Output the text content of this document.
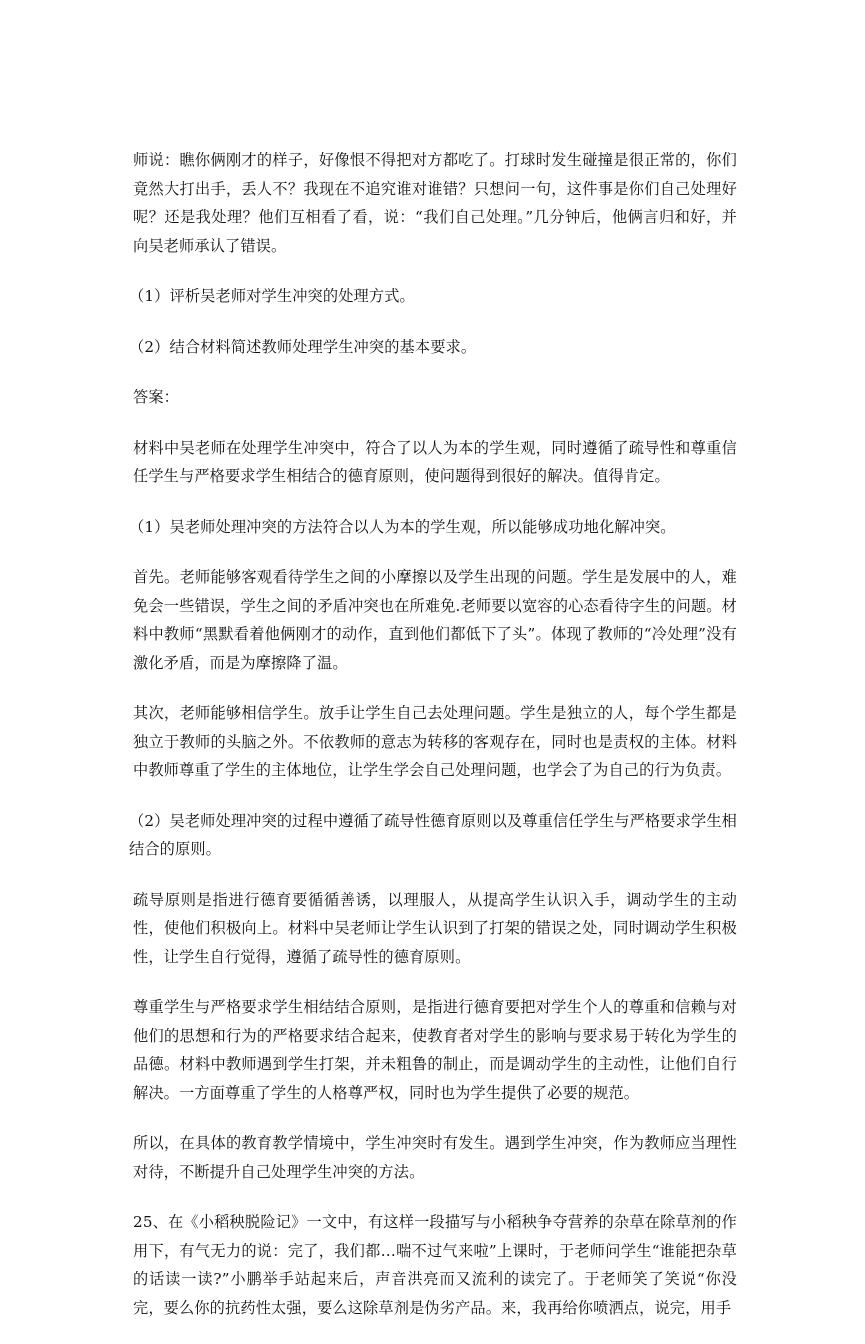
师说：瞧你俩刚才的样子，好像恨不得把对方都吃了。打球时发生碰撞是很正常的，你们竟然大打出手，丢人不？我现在不追究谁对谁错？只想问一句，这件事是你们自己处理好呢？还是我处理？他们互相看了看，说：“我们自己处理。”几分钟后，他俩言归和好，并向吴老师承认了错误。

（1）评析吴老师对学生冲突的处理方式。

（2）结合材料简述教师处理学生冲突的基本要求。

答案：

材料中吴老师在处理学生冲突中，符合了以人为本的学生观，同时遵循了疏导性和尊重信任学生与严格要求学生相结合的德育原则，使问题得到很好的解决。值得肯定。

（1）吴老师处理冲突的方法符合以人为本的学生观，所以能够成功地化解冲突。

首先。老师能够客观看待学生之间的小摩擦以及学生出现的问题。学生是发展中的人，难免会一些错误，学生之间的矛盾冲突也在所难免.老师要以宽容的心态看待字生的问题。材料中教师“黑默看着他俩刚才的动作，直到他们都低下了头”。体现了教师的“冷处理”没有激化矛盾，而是为摩擦降了温。

其次，老师能够相信学生。放手让学生自己去处理问题。学生是独立的人，每个学生都是独立于教师的头脑之外。不依教师的意志为转移的客观存在，同时也是责权的主体。材料中教师尊重了学生的主体地位，让学生学会自己处理问题，也学会了为自己的行为负责。

（2）吴老师处理冲突的过程中遵循了疏导性德育原则以及尊重信任学生与严格要求学生相结合的原则。

疏导原则是指进行德育要循循善诱，以理服人，从提高学生认识入手，调动学生的主动性，使他们积极向上。材料中吴老师让学生认识到了打架的错误之处，同时调动学生积极性，让学生自行觉得，遵循了疏导性的德育原则。

尊重学生与严格要求学生相结结合原则，是指进行德育要把对学生个人的尊重和信赖与对他们的思想和行为的严格要求结合起来，使教育者对学生的影响与要求易于转化为学生的品德。材料中教师遇到学生打架，并未粗鲁的制止，而是调动学生的主动性，让他们自行解决。一方面尊重了学生的人格尊严权，同时也为学生提供了必要的规范。

所以，在具体的教育教学情境中，学生冲突时有发生。遇到学生冲突，作为教师应当理性对待，不断提升自己处理学生冲突的方法。

25、在《小稻秧脱险记》一文中，有这样一段描写与小稻秧争夺营养的杂草在除草剂的作用下，有气无力的说：完了，我们都…喘不过气来啦”上课时，于老师问学生“谁能把杂草的话读一读?”小鹏举手站起来后，声音洪亮而又流利的读完了。于老师笑了笑说“你没完，要么你的抗药性太强，要么这除草剂是伪劣产品。来，我再给你喷洒点，说完，用手
